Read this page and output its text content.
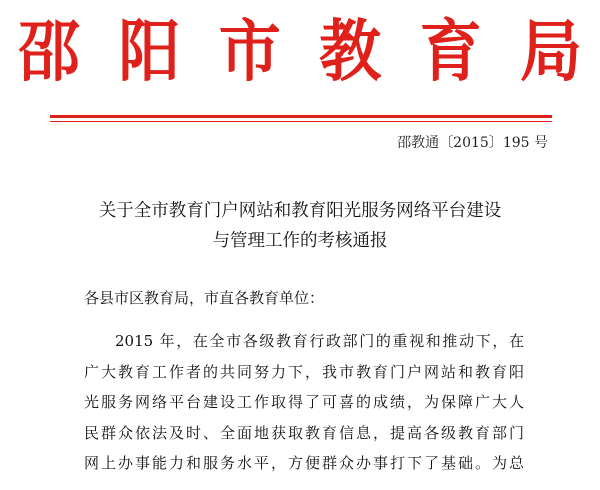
邵 阳 市 教 育 局
邵教通〔2015〕195 号
关于全市教育门户网站和教育阳光服务网络平台建设
与管理工作的考核通报
各县市区教育局，市直各教育单位：
2015 年，在全市各级教育行政部门的重视和推动下，在
广大教育工作者的共同努力下，我市教育门户网站和教育阳
光服务网络平台建设工作取得了可喜的成绩，为保障广大人
民群众依法及时、全面地获取教育信息，提高各级教育部门
网上办事能力和服务水平，方便群众办事打下了基础。为总
